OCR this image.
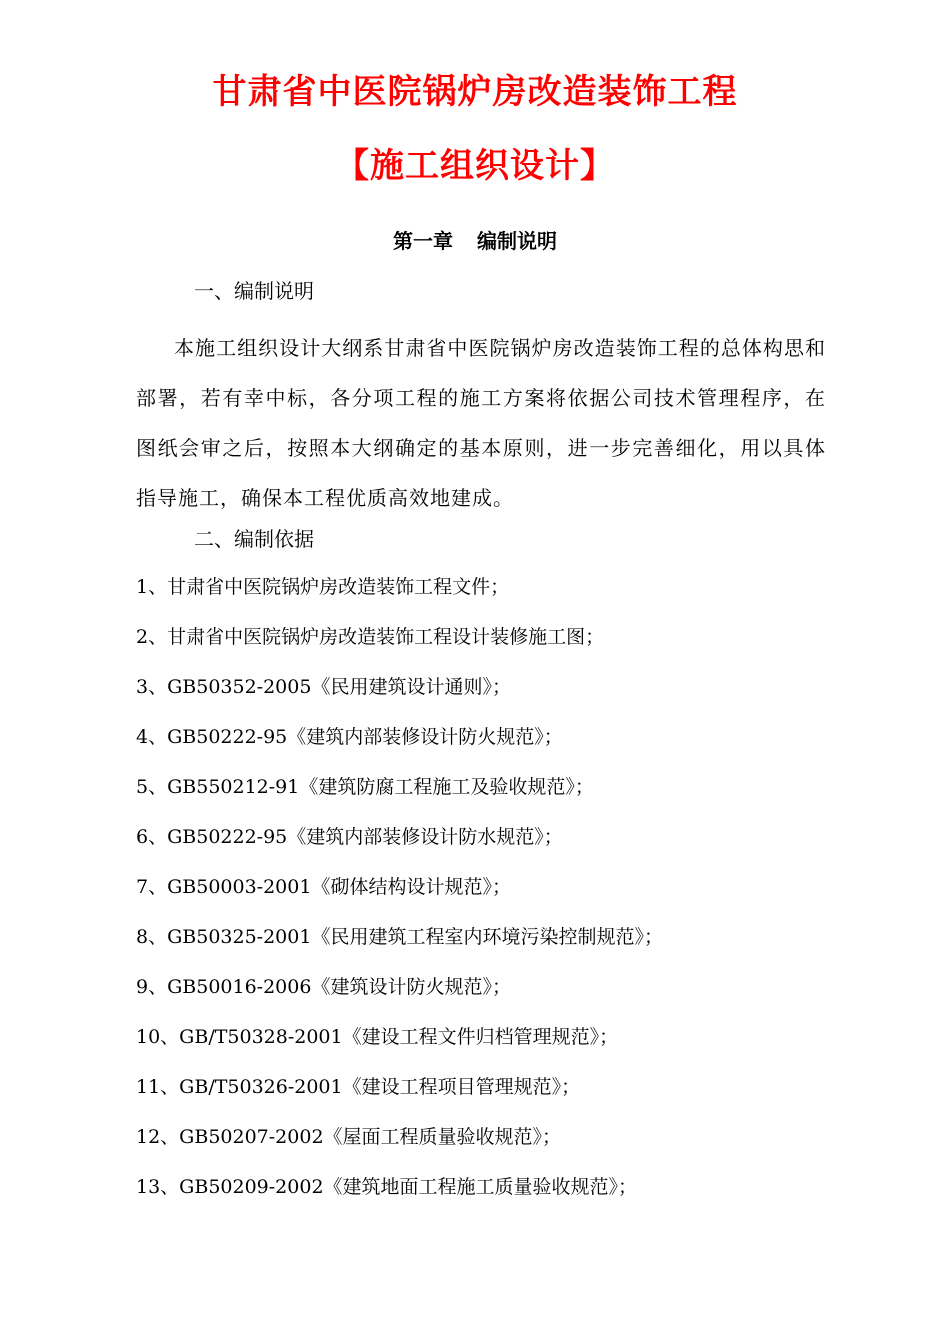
甘肃省中医院锅炉房改造装饰工程
【施工组织设计】
第一章 编制说明
一、编制说明
本施工组织设计大纲系甘肃省中医院锅炉房改造装饰工程的总体构思和部署，若有幸中标，各分项工程的施工方案将依据公司技术管理程序，在图纸会审之后，按照本大纲确定的基本原则，进一步完善细化，用以具体指导施工，确保本工程优质高效地建成。
二、编制依据
1、甘肃省中医院锅炉房改造装饰工程文件；
2、甘肃省中医院锅炉房改造装饰工程设计装修施工图；
3、GB50352-2005《民用建筑设计通则》；
4、GB50222-95《建筑内部装修设计防火规范》；
5、GB550212-91《建筑防腐工程施工及验收规范》；
6、GB50222-95《建筑内部装修设计防水规范》；
7、GB50003-2001《砌体结构设计规范》；
8、GB50325-2001《民用建筑工程室内环境污染控制规范》；
9、GB50016-2006《建筑设计防火规范》；
10、GB/T50328-2001《建设工程文件归档管理规范》；
11、GB/T50326-2001《建设工程项目管理规范》；
12、GB50207-2002《屋面工程质量验收规范》；
13、GB50209-2002《建筑地面工程施工质量验收规范》；
